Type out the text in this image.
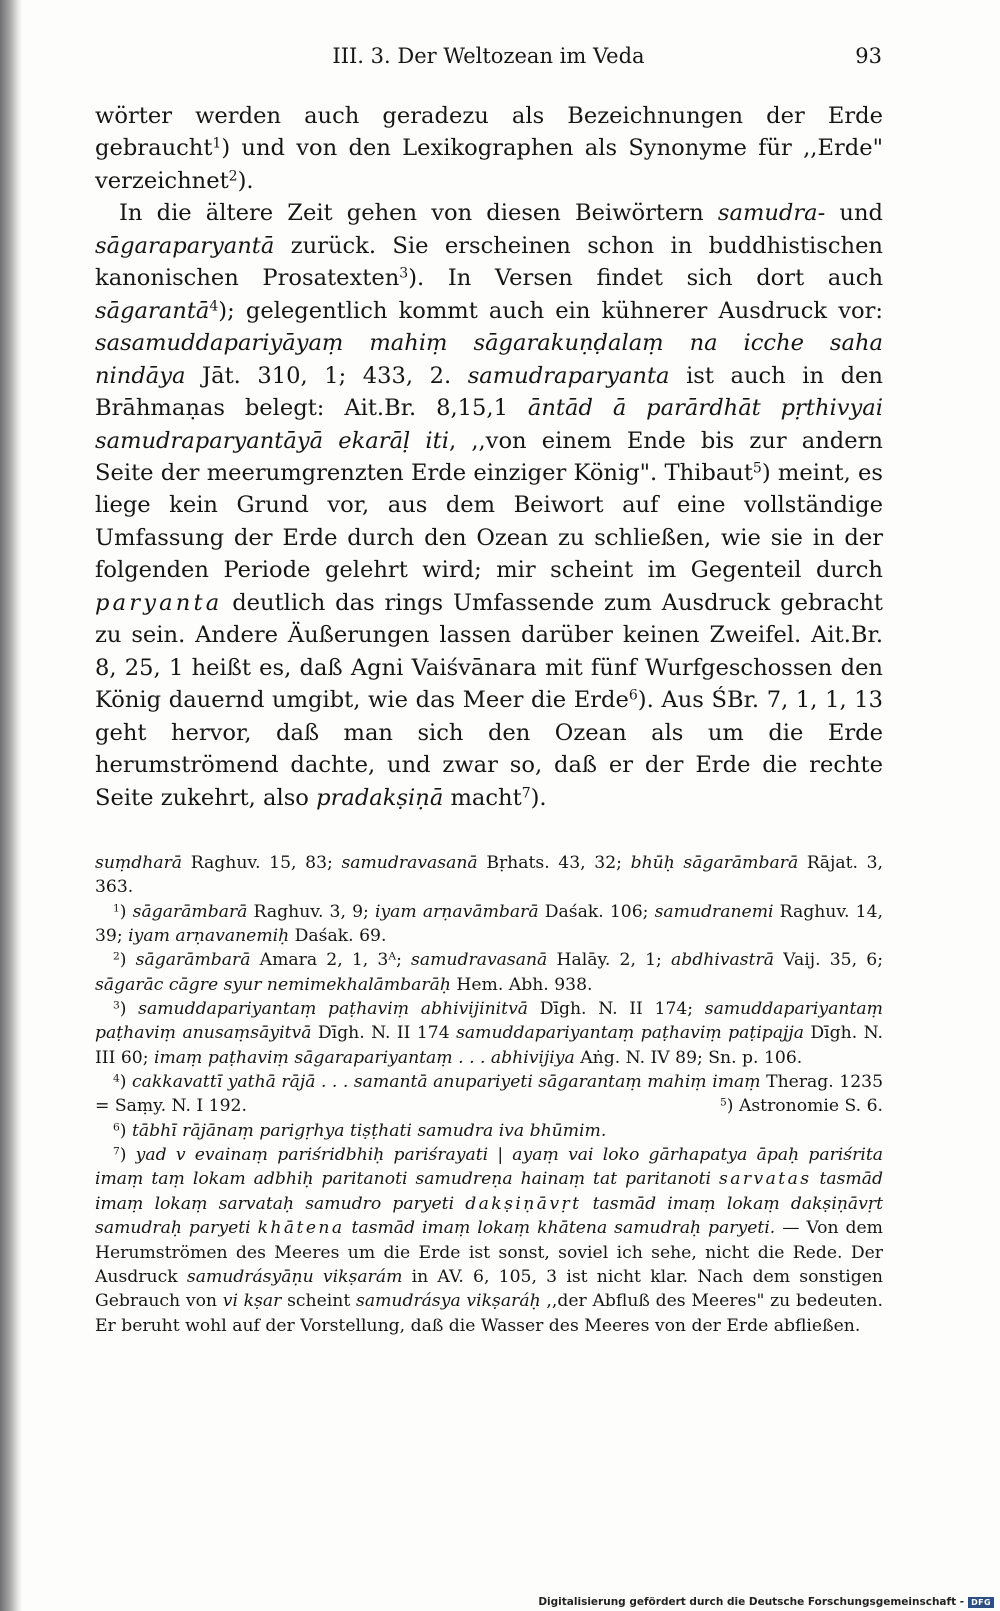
III. 3. Der Weltozean im Veda	93

wörter werden auch geradezu als Bezeichnungen der Erde gebraucht$^1$) und von den Lexikographen als Synonyme für ,,Erde" verzeichnet$^2$).

In die ältere Zeit gehen von diesen Beiwörtern samudra- und sāgaraparyantā zurück. Sie erscheinen schon in buddhistischen kanonischen Prosatexten$^3$). In Versen findet sich dort auch sāgarantā$^4$); gelegentlich kommt auch ein kühnerer Ausdruck vor: sasamuddapariyāyaṃ mahiṃ sāgarakuṇḍalaṃ na icche saha nindāya Jāt. 310, 1; 433, 2. samudraparyanta ist auch in den Brāhmaṇas belegt: Ait.Br. 8,15,1 āntād ā parārdhāt pṛthivyai samudraparyantāyā ekarāḷ iti, ,,von einem Ende bis zur andern Seite der meerumgrenzten Erde einziger König". Thibaut$^5$) meint, es liege kein Grund vor, aus dem Beiwort auf eine vollständige Umfassung der Erde durch den Ozean zu schließen, wie sie in der folgenden Periode gelehrt wird; mir scheint im Gegenteil durch paryanta deutlich das rings Umfassende zum Ausdruck gebracht zu sein. Andere Äußerungen lassen darüber keinen Zweifel. Ait.Br. 8, 25, 1 heißt es, daß Agni Vaiśvānara mit fünf Wurfgeschossen den König dauernd umgibt, wie das Meer die Erde$^6$). Aus ŚBr. 7, 1, 1, 13 geht hervor, daß man sich den Ozean als um die Erde herumströmend dachte, und zwar so, daß er der Erde die rechte Seite zukehrt, also pradakṣiṇā macht$^7$).

suṃdharā Raghuv. 15, 83; samudravasanā Bṛhats. 43, 32; bhūḥ sāgarāmbarā Rājat. 3, 363.

$^1$) sāgarāmbarā Raghuv. 3, 9; iyam arṇavāmbarā Daśak. 106; samudranemi Raghuv. 14, 39; iyam arṇavanemiḥ Daśak. 69.

$^2$) sāgarāmbarā Amara 2, 1, $3^A$; samudravasanā Halāy. 2, 1; abdhivastrā Vaij. 35, 6; sāgarāc cāgre syur nemimekhalāmbarāḥ Hem. Abh. 938.

$^3$) samuddapariyantaṃ paṭhaviṃ abhivijinitvā Dīgh. N. II 174; samuddapariyantaṃ paṭhaviṃ anusaṃsāyitvā Dīgh. N. II 174 samuddapariyantaṃ paṭhaviṃ paṭipajja Dīgh. N. III 60; imaṃ paṭhaviṃ sāgarapariyantaṃ . . . abhivijiya Aṅg. N. IV 89; Sn. p. 106.

$^4$) cakkavattī yathā rājā . . . samantā anupariyeti sāgarantaṃ mahiṃ imaṃ Therag. 1235 = Saṃy. N. I 192.	$^5$) Astronomie S. 6.

$^6$) tābhī rājānaṃ parigṛhya tiṣṭhati samudra iva bhūmim.

$^7$) yad v evainaṃ pariśridbhiḥ pariśrayati | ayaṃ vai loko gārhapatya āpaḥ pariśrita imaṃ taṃ lokam adbhiḥ paritanoti samudreṇa hainaṃ tat paritanoti sarvatas tasmād imaṃ lokaṃ sarvataḥ samudro paryeti dakṣiṇāvṛt tasmād imaṃ lokaṃ dakṣiṇāvṛt samudraḥ paryeti khātena tasmād imaṃ lokaṃ khātena samudraḥ paryeti. — Von dem Herumströmen des Meeres um die Erde ist sonst, soviel ich sehe, nicht die Rede. Der Ausdruck samudrásyāṇu vikṣarám in AV. 6, 105, 3 ist nicht klar. Nach dem sonstigen Gebrauch von vi kṣar scheint samudrásya vikṣaráḥ ,,der Abfluß des Meeres" zu bedeuten. Er beruht wohl auf der Vorstellung, daß die Wasser des Meeres von der Erde abfließen.

Digitalisierung gefördert durch die Deutsche Forschungsgemeinschaft - DFG
